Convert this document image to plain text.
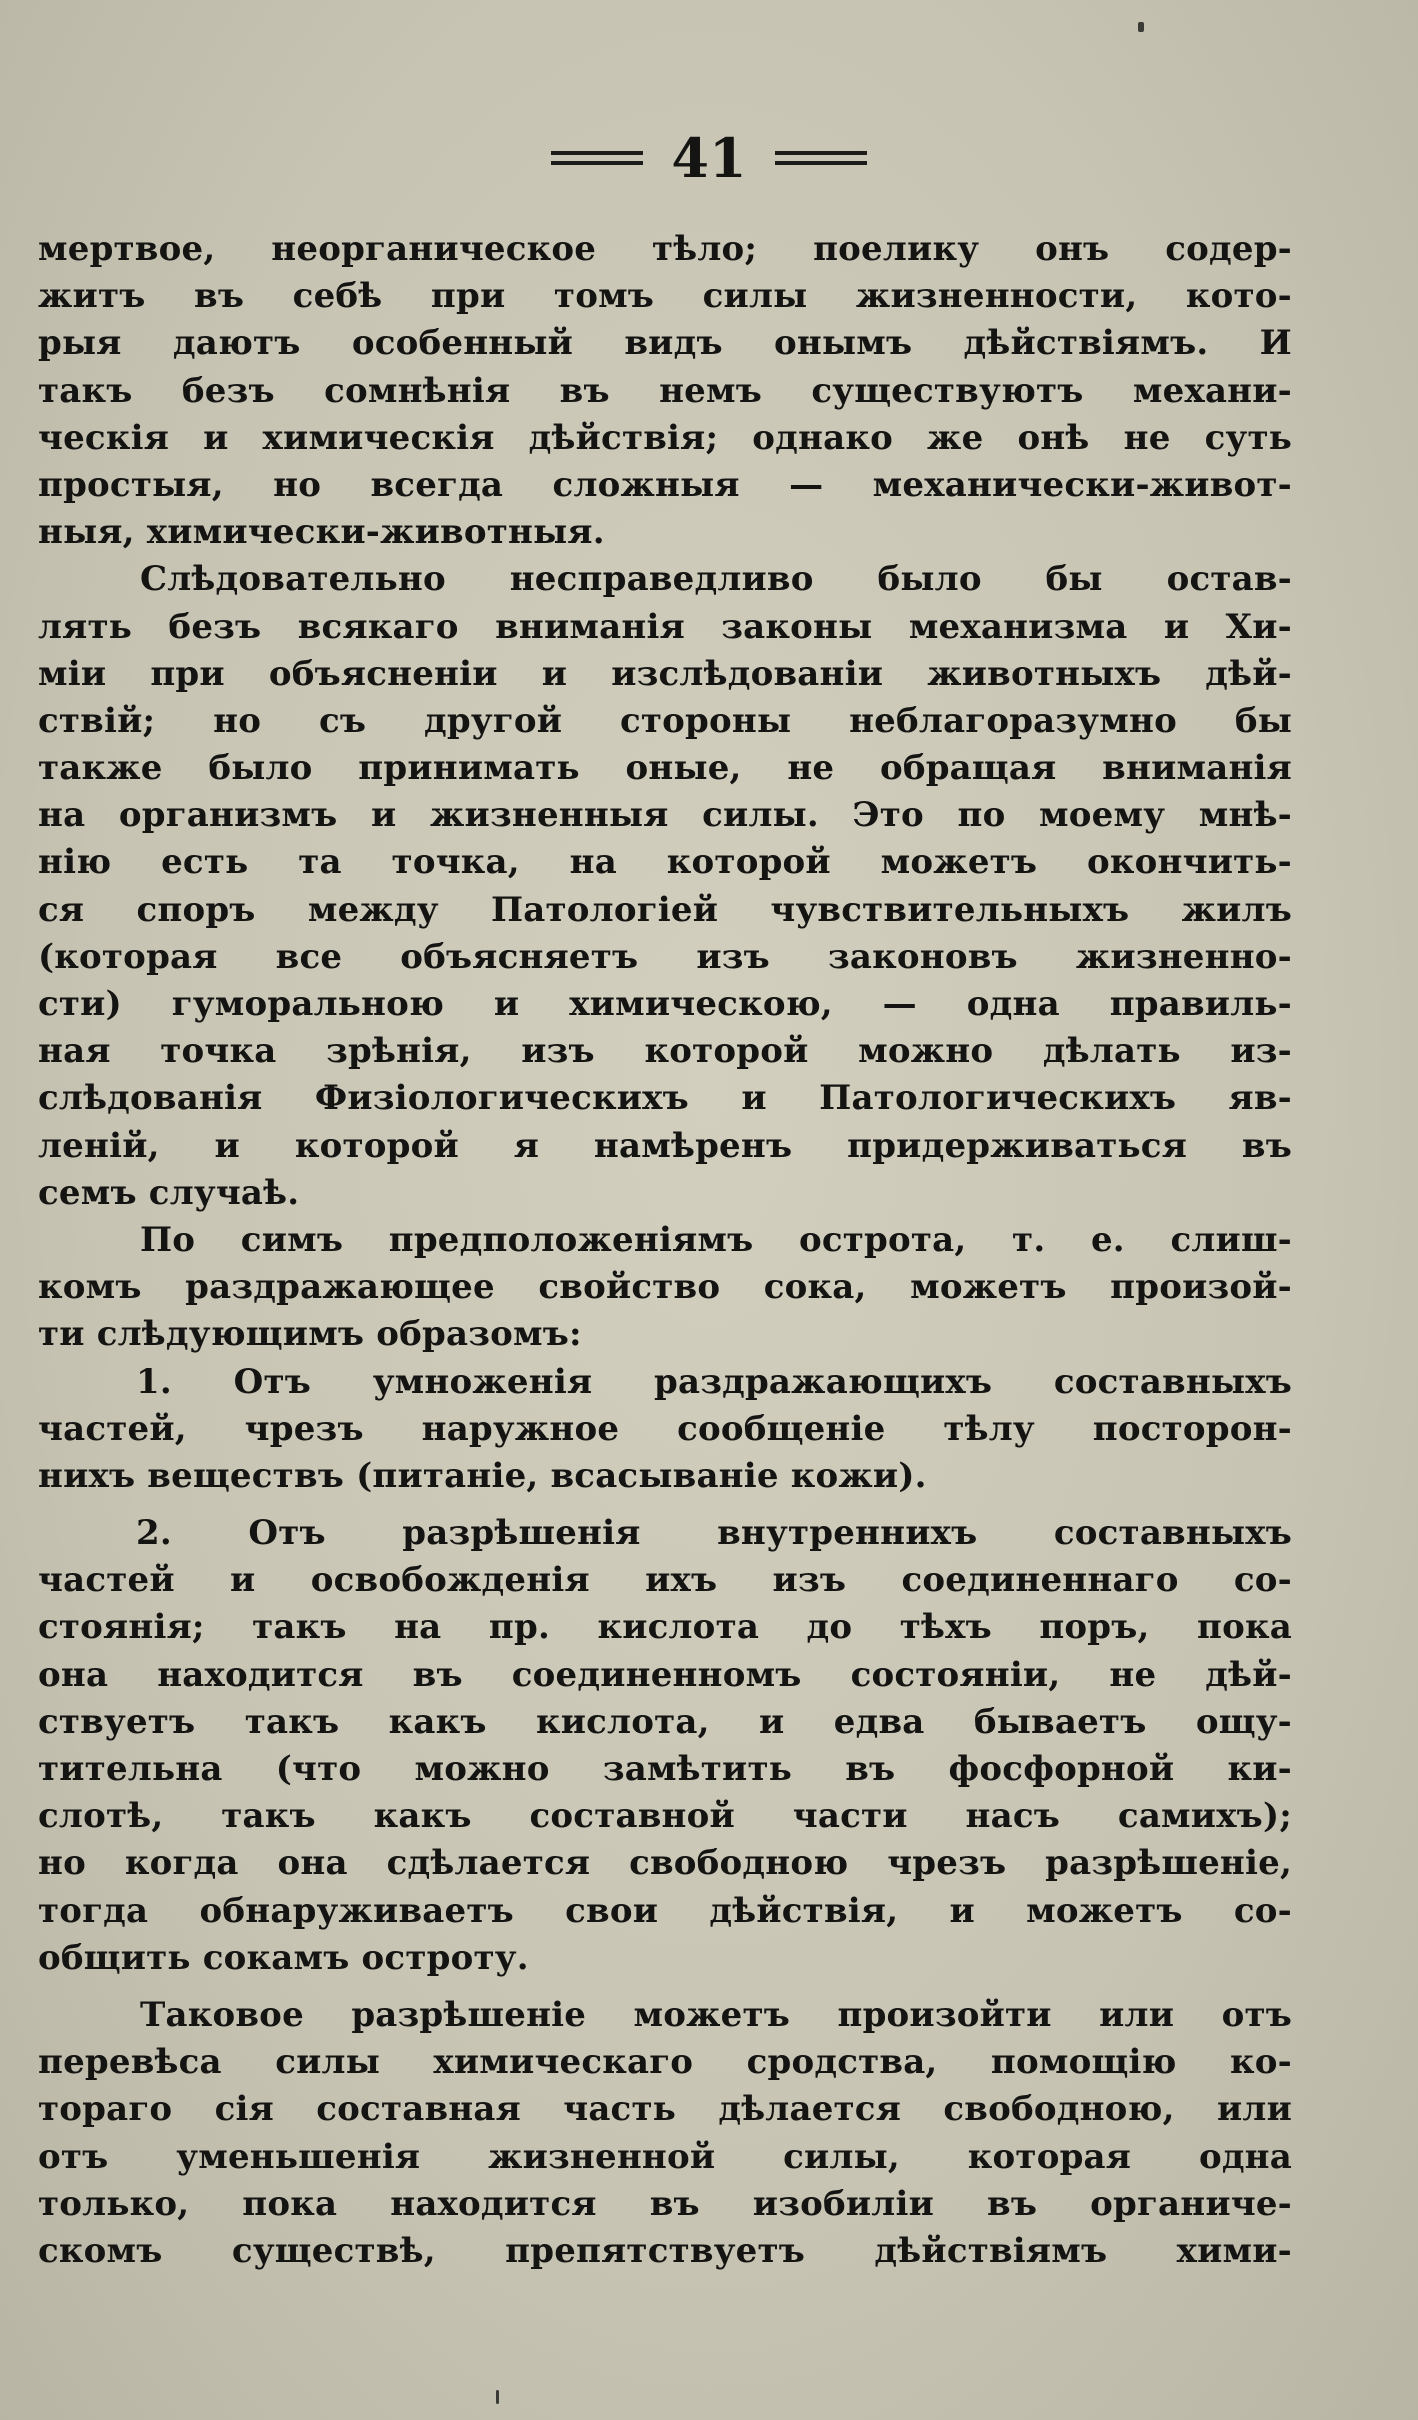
41
мертвое, неорганическое тѣло; поелику онъ содер-
житъ въ себѣ при томъ силы жизненности, кото-
рыя даютъ особенный видъ онымъ дѣйствіямъ. И
такъ безъ сомнѣнія въ немъ существуютъ механи-
ческія и химическія дѣйствія; однако же онѣ не суть
простыя, но всегда сложныя — механически-живот-
ныя, химически-животныя.
Слѣдовательно несправедливо было бы остав-
лять безъ всякаго вниманія законы механизма и Хи-
міи при объясненіи и изслѣдованіи животныхъ дѣй-
ствій; но съ другой стороны неблагоразумно бы
также было принимать оные, не обращая вниманія
на организмъ и жизненныя силы. Это по моему мнѣ-
нію есть та точка, на которой можетъ окончить-
ся споръ между Патологіей чувствительныхъ жилъ
(которая все объясняетъ изъ законовъ жизненно-
сти) гуморальною и химическою, — одна правиль-
ная точка зрѣнія, изъ которой можно дѣлать из-
слѣдованія Физіологическихъ и Патологическихъ яв-
леній, и которой я намѣренъ придерживаться въ
семъ случаѣ.
По симъ предположеніямъ острота, т. е. слиш-
комъ раздражающее свойство сока, можетъ произой-
ти слѣдующимъ образомъ:
1. Отъ умноженія раздражающихъ составныхъ
частей, чрезъ наружное сообщеніе тѣлу посторон-
нихъ веществъ (питаніе, всасываніе кожи).
2. Отъ разрѣшенія внутреннихъ составныхъ
частей и освобожденія ихъ изъ соединеннаго со-
стоянія; такъ на пр. кислота до тѣхъ поръ, пока
она находится въ соединенномъ состояніи, не дѣй-
ствуетъ такъ какъ кислота, и едва бываетъ ощу-
тительна (что можно замѣтить въ фосфорной ки-
слотѣ, такъ какъ составной части насъ самихъ);
но когда она сдѣлается свободною чрезъ разрѣшеніе,
тогда обнаруживаетъ свои дѣйствія, и можетъ со-
общить сокамъ остроту.
Таковое разрѣшеніе можетъ произойти или отъ
перевѣса силы химическаго сродства, помощію ко-
тораго сія составная часть дѣлается свободною, или
отъ уменьшенія жизненной силы, которая одна
только, пока находится въ изобиліи въ органиче-
скомъ существѣ, препятствуетъ дѣйствіямъ хими-
